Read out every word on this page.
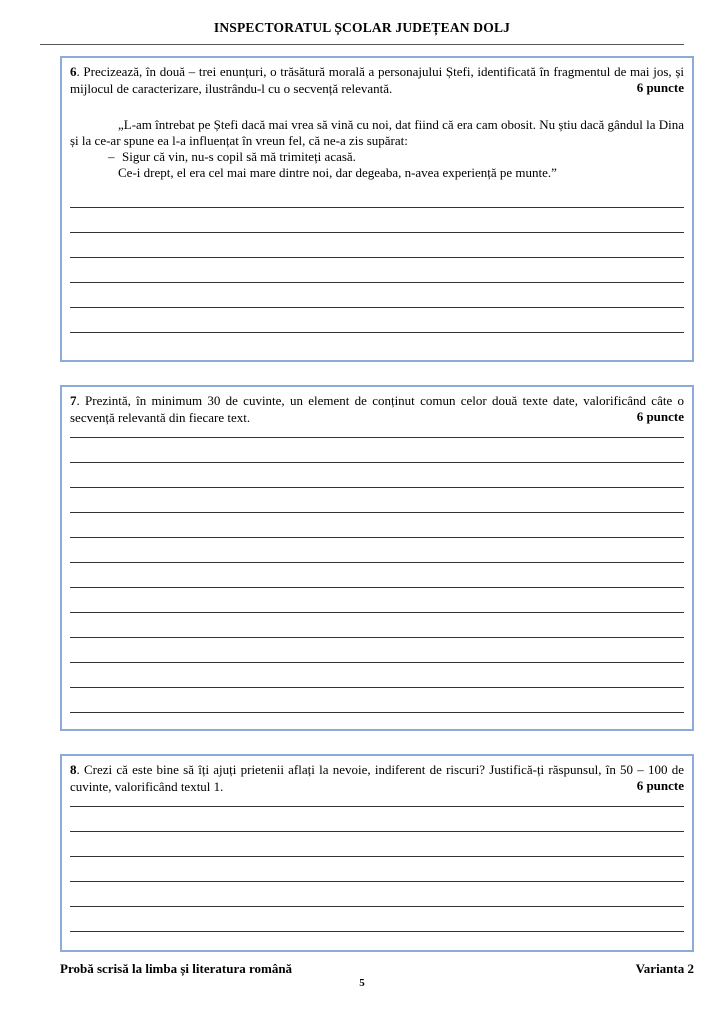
INSPECTORATUL ȘCOLAR JUDEȚEAN DOLJ
6. Precizează, în două – trei enunțuri, o trăsătură morală a personajului Ștefi, identificată în fragmentul de mai jos, și mijlocul de caracterizare, ilustrându-l cu o secvență relevantă.	6 puncte

„L-am întrebat pe Ștefi dacă mai vrea să vină cu noi, dat fiind că era cam obosit. Nu știu dacă gândul la Dina și la ce-ar spune ea l-a influențat în vreun fel, că ne-a zis supărat:

– Sigur că vin, nu-s copil să mă trimiteți acasă.

Ce-i drept, el era cel mai mare dintre noi, dar degeaba, n-avea experiență pe munte.”

7. Prezintă, în minimum 30 de cuvinte, un element de conținut comun celor două texte date, valorificând câte o secvență relevantă din fiecare text.	6 puncte
8. Crezi că este bine să îți ajuți prietenii aflați la nevoie, indiferent de riscuri? Justifică-ți răspunsul, în 50 – 100 de cuvinte, valorificând textul 1.	6 puncte
Probă scrisă la limba și literatura română	Varianta 2
5
